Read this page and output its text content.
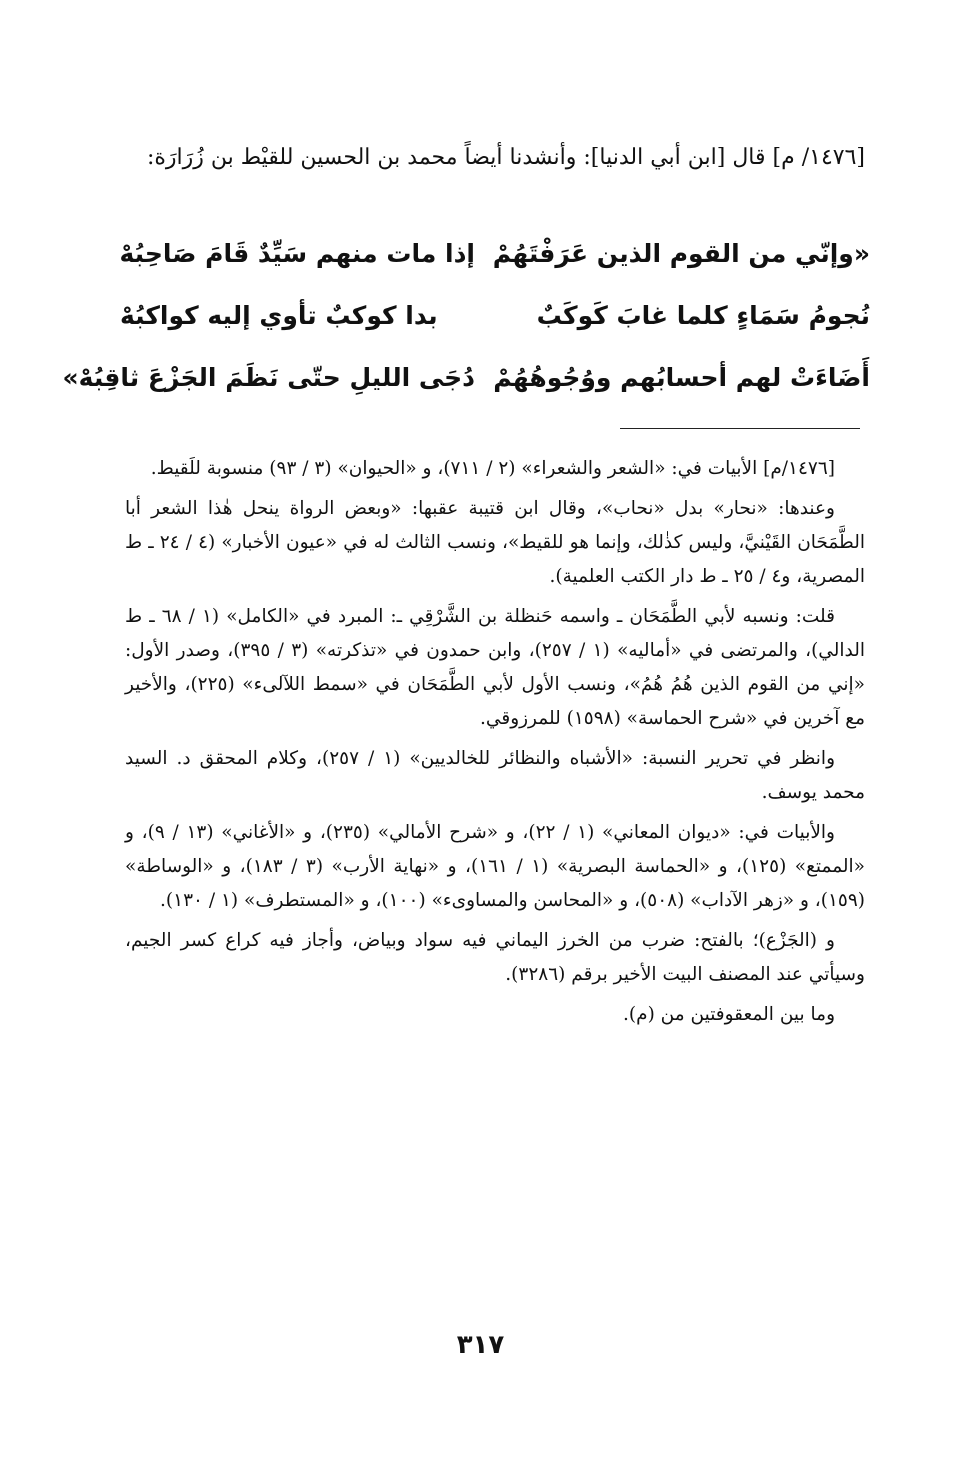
[١٤٧٦/ م] قال [ابن أبي الدنيا]: وأنشدنا أيضاً محمد بن الحسين للقيْط بن زُرَارَة:

«وإنّي من القوم الذين عَرَفْتَهُمْ
إذا مات منهم سَيِّدٌ قَامَ صَاحِبُهْ
نُجومُ سَمَاءٍ كلما غابَ كَوكَبٌ
بدا كوكبٌ تأوي إليه كواكبُهْ
أَضَاءَتْ لهم أحسابُهم ووُجُوهُهُمْ
دُجَى الليلِ حتّى نَظَمَ الجَزْعَ ثاقِبُهْ»

[١٤٧٦/م] الأبيات في: «الشعر والشعراء» (٢ / ٧١١)، و «الحيوان» (٣ / ٩٣) منسوبة للَقيط.

وعندها: «نحار» بدل «نحاب»، وقال ابن قتيبة عقبها: «وبعض الرواة ينحل هٰذا الشعر أبا الطَّمَحَان القَيْنيَّ، وليس كذٰلك، وإنما هو للقيط»، ونسب الثالث له في «عيون الأخبار» (٤ / ٢٤ ـ ط المصرية، و٤ / ٢٥ ـ ط دار الكتب العلمية).

قلت: ونسبه لأبي الطَّمَحَان ـ واسمه حَنظلة بن الشَّرْقِي ـ: المبرد في «الكامل» (١ / ٦٨ ـ ط الدالي)، والمرتضى في «أماليه» (١ / ٢٥٧)، وابن حمدون في «تذكرته» (٣ / ٣٩٥)، وصدر الأول: «إني من القوم الذين هُمُ هُمُ»، ونسب الأول لأبي الطَّمَحَان في «سمط اللآلىء» (٢٢٥)، والأخير مع آخرين في «شرح الحماسة» (١٥٩٨) للمرزوقي.

وانظر في تحرير النسبة: «الأشباه والنظائر للخالديين» (١ / ٢٥٧)، وكلام المحقق د. السيد محمد يوسف.

والأبيات في: «ديوان المعاني» (١ / ٢٢)، و «شرح الأمالي» (٢٣٥)، و «الأغاني» (١٣ / ٩)، و «الممتع» (١٢٥)، و «الحماسة البصرية» (١ / ١٦١)، و «نهاية الأرب» (٣ / ١٨٣)، و «الوساطة» (١٥٩)، و «زهر الآداب» (٥٠٨)، و «المحاسن والمساوىء» (١٠٠)، و «المستطرف» (١ / ١٣٠).

و (الجَزْع)؛ بالفتح: ضرب من الخرز اليماني فيه سواد وبياض، وأجاز فيه كراع كسر الجيم، وسيأتي عند المصنف البيت الأخير برقم (٣٢٨٦).

وما بين المعقوفتين من (م).

٣١٧
